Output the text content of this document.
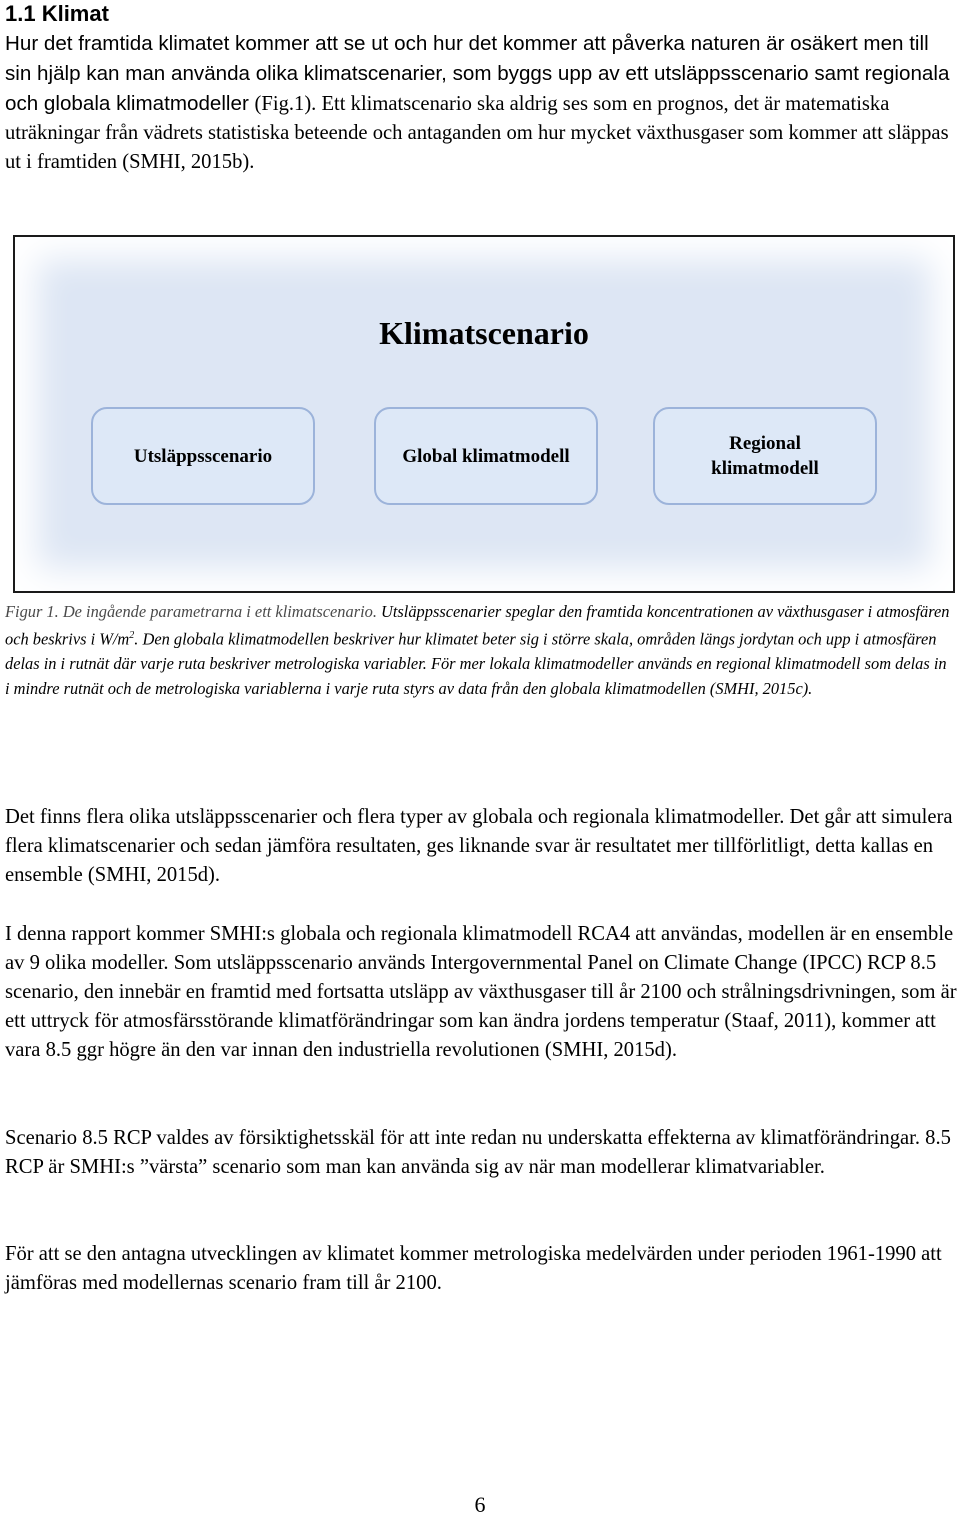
1.1 Klimat

Hur det framtida klimatet kommer att se ut och hur det kommer att påverka naturen är osäkert men till sin hjälp kan man använda olika klimatscenarier, som byggs upp av ett utsläppsscenario samt regionala och globala klimatmodeller (Fig.1). Ett klimatscenario ska aldrig ses som en prognos, det är matematiska uträkningar från vädrets statistiska beteende och antaganden om hur mycket växthusgaser som kommer att släppas ut i framtiden (SMHI, 2015b).

Klimatscenario
Utsläppsscenario	Global klimatmodell
Regional klimatmodell

Figur 1. De ingående parametrarna i ett klimatscenario. Utsläppsscenarier speglar den framtida koncentrationen av växthusgaser i atmosfären och beskrivs i $W/m^2$. Den globala klimatmodellen beskriver hur klimatet beter sig i större skala, områden längs jordytan och upp i atmosfären delas in i rutnät där varje ruta beskriver metrologiska variabler. För mer lokala klimatmodeller används en regional klimatmodell som delas in i mindre rutnät och de metrologiska variablerna i varje ruta styrs av data från den globala klimatmodellen (SMHI, 2015c).

Det finns flera olika utsläppsscenarier och flera typer av globala och regionala klimatmodeller. Det går att simulera flera klimatscenarier och sedan jämföra resultaten, ges liknande svar är resultatet mer tillförlitligt, detta kallas en ensemble (SMHI, 2015d).

I denna rapport kommer SMHI:s globala och regionala klimatmodell RCA4 att användas, modellen är en ensemble av 9 olika modeller. Som utsläppsscenario används Intergovernmental Panel on Climate Change (IPCC) RCP 8.5 scenario, den innebär en framtid med fortsatta utsläpp av växthusgaser till år 2100 och strålningsdrivningen, som är ett uttryck för atmosfärsstörande klimatförändringar som kan ändra jordens temperatur (Staaf, 2011), kommer att vara 8.5 ggr högre än den var innan den industriella revolutionen (SMHI, 2015d).

Scenario 8.5 RCP valdes av försiktighetsskäl för att inte redan nu underskatta effekterna av klimatförändringar. 8.5 RCP är SMHI:s ”värsta” scenario som man kan använda sig av när man modellerar klimatvariabler.

För att se den antagna utvecklingen av klimatet kommer metrologiska medelvärden under perioden 1961-1990 att jämföras med modellernas scenario fram till år 2100.

6
